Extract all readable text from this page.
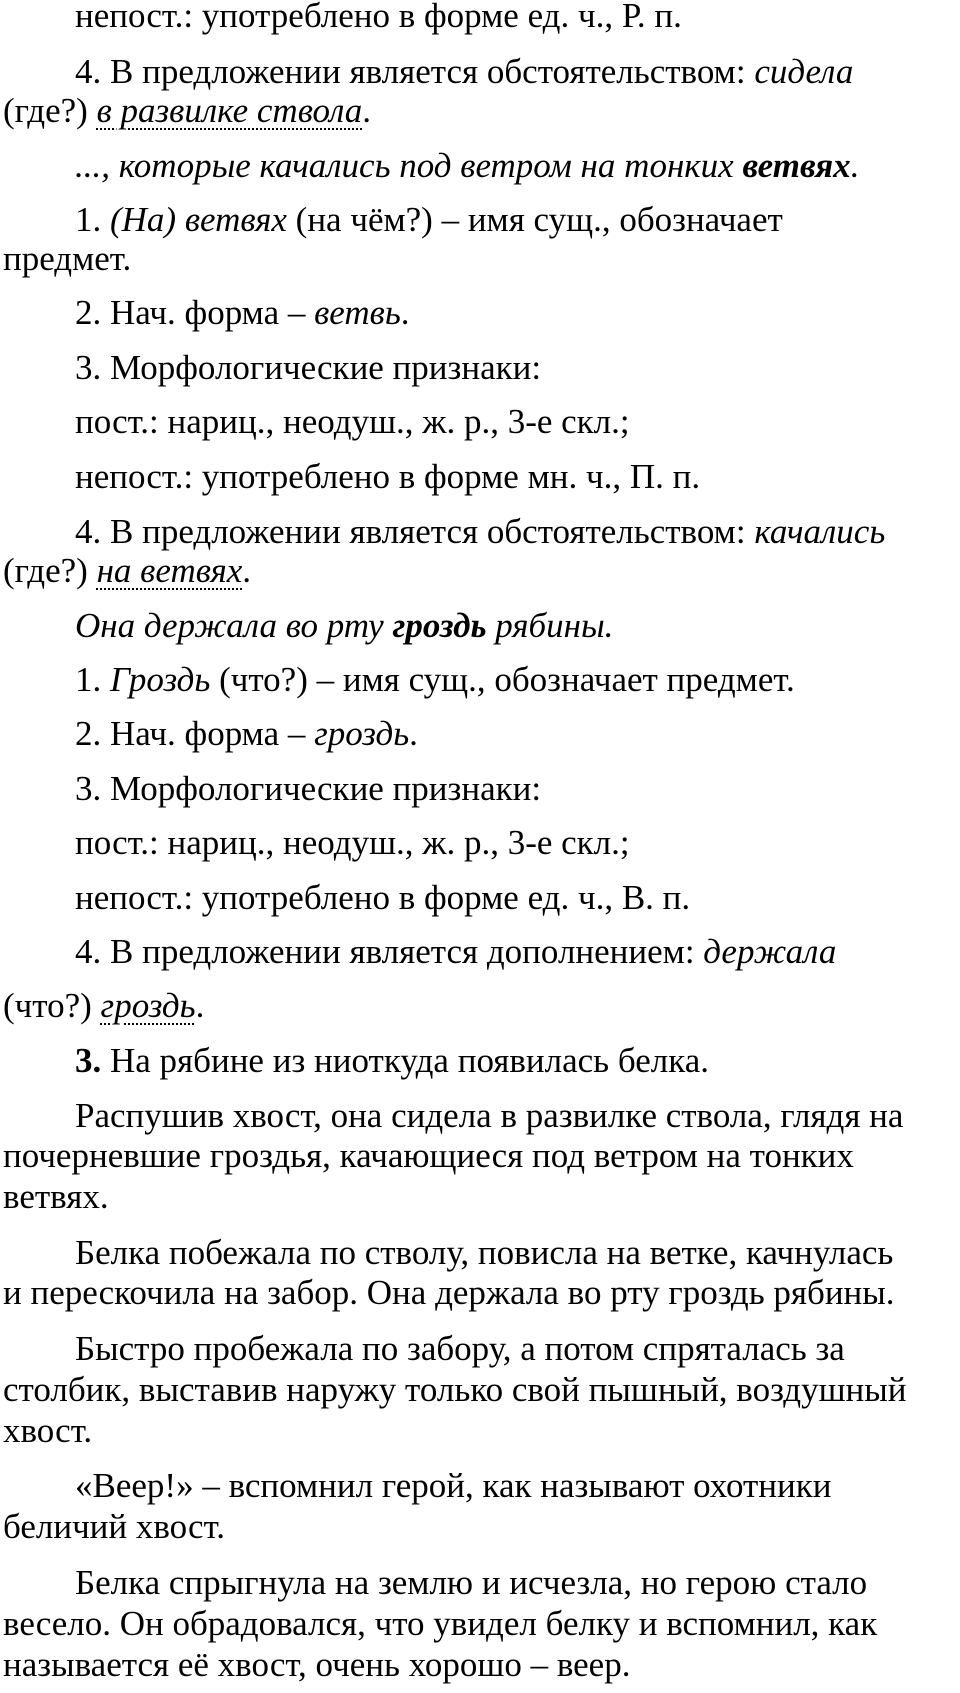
непост.: употреблено в форме ед. ч., Р. п.
4. В предложении является обстоятельством: сидела
(где?) в развилке ствола.
..., которые качались под ветром на тонких ветвях.
1. (На) ветвях (на чём?) – имя сущ., обозначает
предмет.
2. Нач. форма – ветвь.
3. Морфологические признаки:
пост.: нариц., неодуш., ж. р., 3-е скл.;
непост.: употреблено в форме мн. ч., П. п.
4. В предложении является обстоятельством: качались
(где?) на ветвях.
Она держала во рту гроздь рябины.
1. Гроздь (что?) – имя сущ., обозначает предмет.
2. Нач. форма – гроздь.
3. Морфологические признаки:
пост.: нариц., неодуш., ж. р., 3-е скл.;
непост.: употреблено в форме ед. ч., В. п.
4. В предложении является дополнением: держала
(что?) гроздь.
3. На рябине из ниоткуда появилась белка.
Распушив хвост, она сидела в развилке ствола, глядя на
почерневшие гроздья, качающиеся под ветром на тонких
ветвях.
Белка побежала по стволу, повисла на ветке, качнулась
и перескочила на забор. Она держала во рту гроздь рябины.
Быстро пробежала по забору, а потом спряталась за
столбик, выставив наружу только свой пышный, воздушный
хвост.
«Веер!» – вспомнил герой, как называют охотники
беличий хвост.
Белка спрыгнула на землю и исчезла, но герою стало
весело. Он обрадовался, что увидел белку и вспомнил, как
называется её хвост, очень хорошо – веер.
